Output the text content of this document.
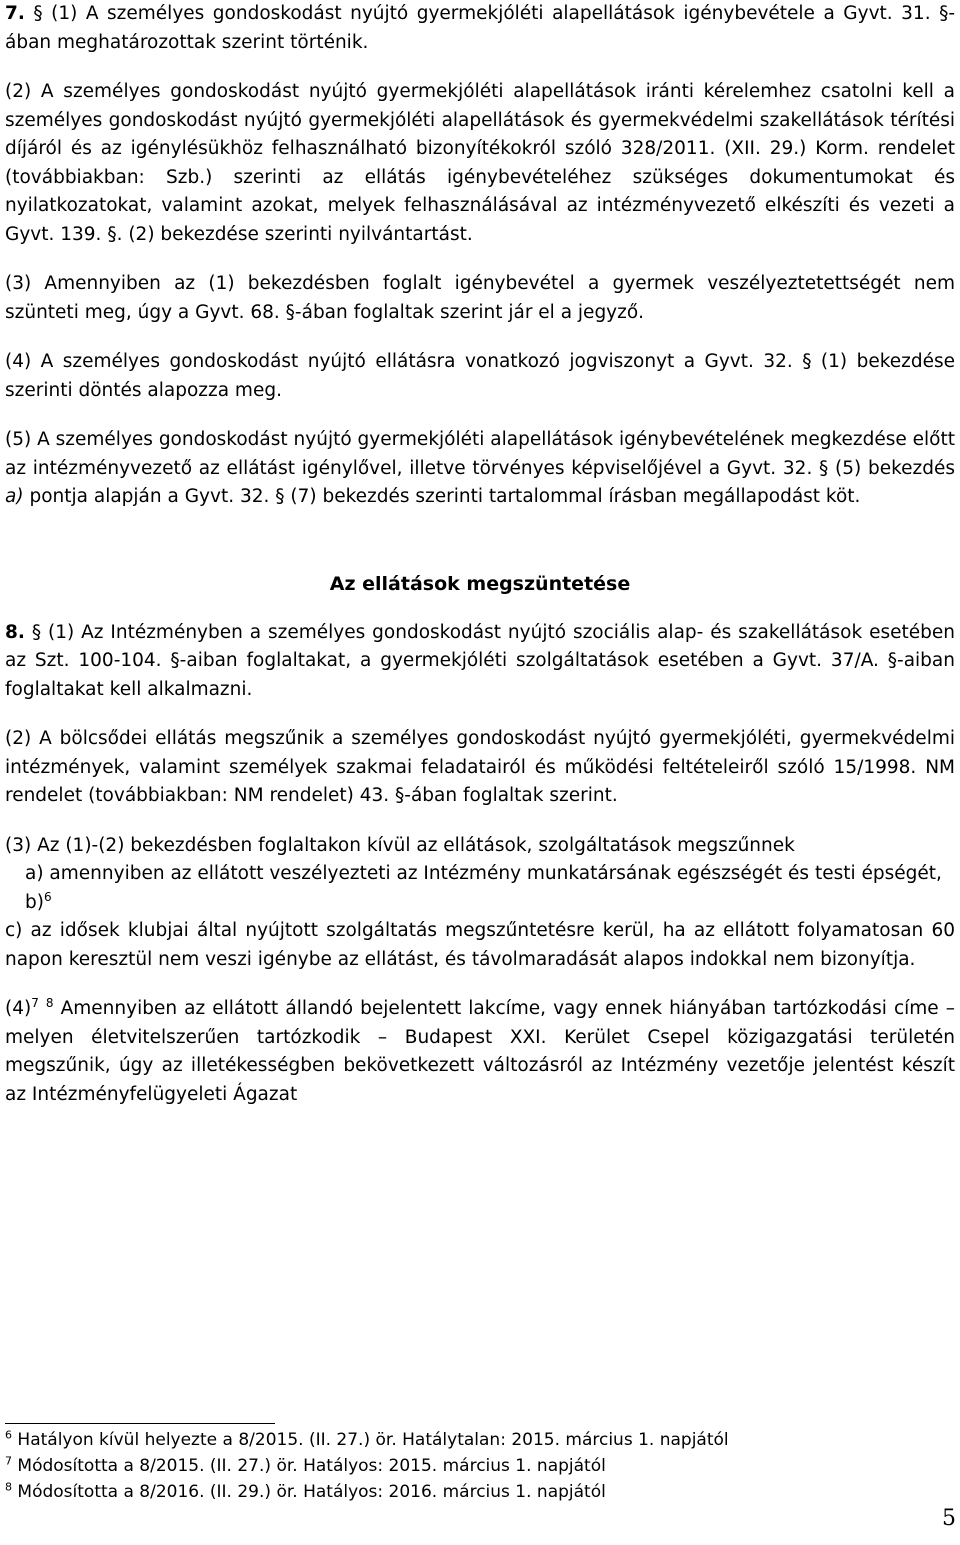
7. § (1) A személyes gondoskodást nyújtó gyermekjóléti alapellátások igénybevétele a Gyvt. 31. §-ában meghatározottak szerint történik.

(2) A személyes gondoskodást nyújtó gyermekjóléti alapellátások iránti kérelemhez csatolni kell a személyes gondoskodást nyújtó gyermekjóléti alapellátások és gyermekvédelmi szakellátások térítési díjáról és az igénylésükhöz felhasználható bizonyítékokról szóló 328/2011. (XII. 29.) Korm. rendelet (továbbiakban: Szb.) szerinti az ellátás igénybevételéhez szükséges dokumentumokat és nyilatkozatokat, valamint azokat, melyek felhasználásával az intézményvezető elkészíti és vezeti a Gyvt. 139. §. (2) bekezdése szerinti nyilvántartást.

(3) Amennyiben az (1) bekezdésben foglalt igénybevétel a gyermek veszélyeztetettségét nem szünteti meg, úgy a Gyvt. 68. §-ában foglaltak szerint jár el a jegyző.

(4) A személyes gondoskodást nyújtó ellátásra vonatkozó jogviszonyt a Gyvt. 32. § (1) bekezdése szerinti döntés alapozza meg.

(5) A személyes gondoskodást nyújtó gyermekjóléti alapellátások igénybevételének megkezdése előtt az intézményvezető az ellátást igénylővel, illetve törvényes képviselőjével a Gyvt. 32. § (5) bekezdés a) pontja alapján a Gyvt. 32. § (7) bekezdés szerinti tartalommal írásban megállapodást köt.

Az ellátások megszüntetése

8. § (1) Az Intézményben a személyes gondoskodást nyújtó szociális alap- és szakellátások esetében az Szt. 100-104. §-aiban foglaltakat, a gyermekjóléti szolgáltatások esetében a Gyvt. 37/A. §-aiban foglaltakat kell alkalmazni.

(2) A bölcsődei ellátás megszűnik a személyes gondoskodást nyújtó gyermekjóléti, gyermekvédelmi intézmények, valamint személyek szakmai feladatairól és működési feltételeiről szóló 15/1998. NM rendelet (továbbiakban: NM rendelet) 43. §-ában foglaltak szerint.

(3) Az (1)-(2) bekezdésben foglaltakon kívül az ellátások, szolgáltatások megszűnnek

a) amennyiben az ellátott veszélyezteti az Intézmény munkatársának egészségét és testi épségét,

b)$^6$

c) az idősek klubjai által nyújtott szolgáltatás megszűntetésre kerül, ha az ellátott folyamatosan 60 napon keresztül nem veszi igénybe az ellátást, és távolmaradását alapos indokkal nem bizonyítja.

$(4)^7$ $^8$ Amennyiben az ellátott állandó bejelentett lakcíme, vagy ennek hiányában tartózkodási címe – melyen életvitelszerűen tartózkodik – Budapest XXI. Kerület Csepel közigazgatási területén megszűnik, úgy az illetékességben bekövetkezett változásról az Intézmény vezetője jelentést készít az Intézményfelügyeleti Ágazat

$^6$ Hatályon kívül helyezte a 8/2015. (II. 27.) ör. Hatálytalan: 2015. március 1. napjától

$^7$ Módosította a 8/2015. (II. 27.) ör. Hatályos: 2015. március 1. napjától

$^8$ Módosította a 8/2016. (II. 29.) ör. Hatályos: 2016. március 1. napjától

5
